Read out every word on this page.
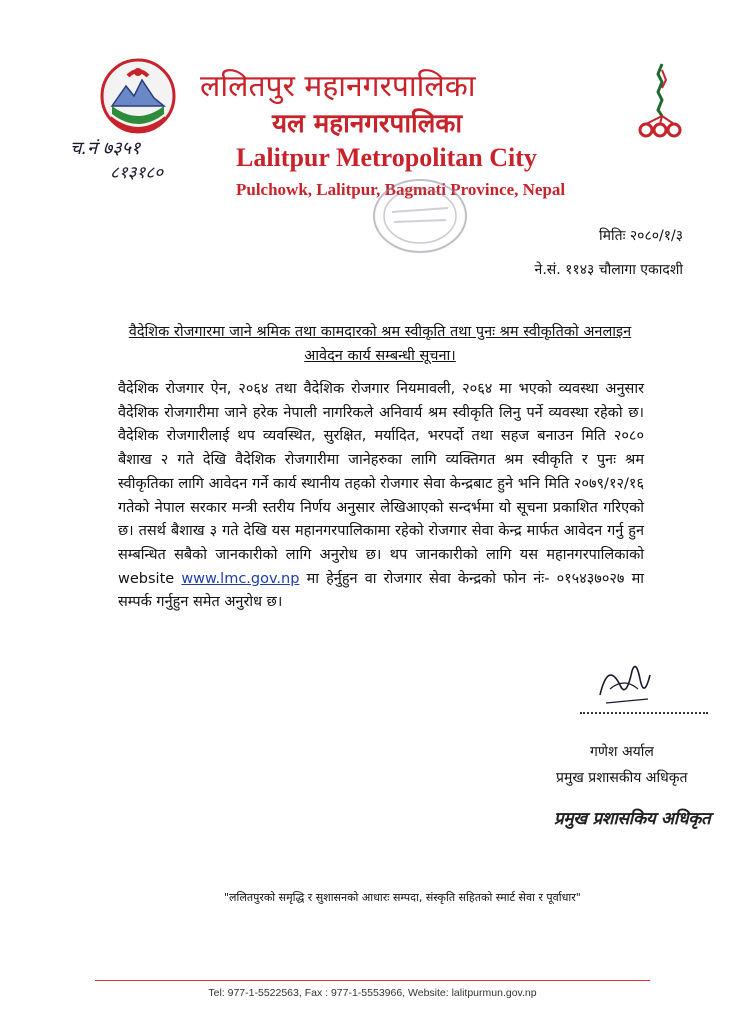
ललितपुर महानगरपालिका
यल महानगरपालिका
Lalitpur Metropolitan City
Pulchowk, Lalitpur, Bagmati Province, Nepal
च.नं ७३५१
८१३१८०
मितिः २०८०/१/३
ने.सं. ११४३ चौलागा एकादशी
वैदेशिक रोजगारमा जाने श्रमिक तथा कामदारको श्रम स्वीकृति तथा पुनः श्रम स्वीकृतिको अनलाइन आवेदन कार्य सम्बन्धी सूचना।
वैदेशिक रोजगार ऐन, २०६४ तथा वैदेशिक रोजगार नियमावली, २०६४ मा भएको व्यवस्था अनुसार वैदेशिक रोजगारीमा जाने हरेक नेपाली नागरिकले अनिवार्य श्रम स्वीकृति लिनु पर्ने व्यवस्था रहेको छ। वैदेशिक रोजगारीलाई थप व्यवस्थित, सुरक्षित, मर्यादित, भरपर्दो तथा सहज बनाउन मिति २०८० बैशाख २ गते देखि वैदेशिक रोजगारीमा जानेहरुका लागि व्यक्तिगत श्रम स्वीकृति र पुनः श्रम स्वीकृतिका लागि आवेदन गर्ने कार्य स्थानीय तहको रोजगार सेवा केन्द्रबाट हुने भनि मिति २०७९/१२/१६ गतेको नेपाल सरकार मन्त्री स्तरीय निर्णय अनुसार लेखिआएको सन्दर्भमा यो सूचना प्रकाशित गरिएको छ। तसर्थ बैशाख ३ गते देखि यस महानगरपालिकामा रहेको रोजगार सेवा केन्द्र मार्फत आवेदन गर्नु हुन सम्बन्धित सबैको जानकारीको लागि अनुरोध छ। थप जानकारीको लागि यस महानगरपालिकाको website www.lmc.gov.np मा हेर्नुहुन वा रोजगार सेवा केन्द्रको फोन नंः- ०१५४३७०२७ मा सम्पर्क गर्नुहुन समेत अनुरोध छ।
गणेश अर्याल
प्रमुख प्रशासकीय अधिकृत
प्रमुख प्रशासकिय अधिकृत
"ललितपुरको समृद्धि र सुशासनको आधारः सम्पदा, संस्कृति सहितको स्मार्ट सेवा र पूर्वाधार"
Tel: 977-1-5522563, Fax : 977-1-5553966, Website: lalitpurmun.gov.np
